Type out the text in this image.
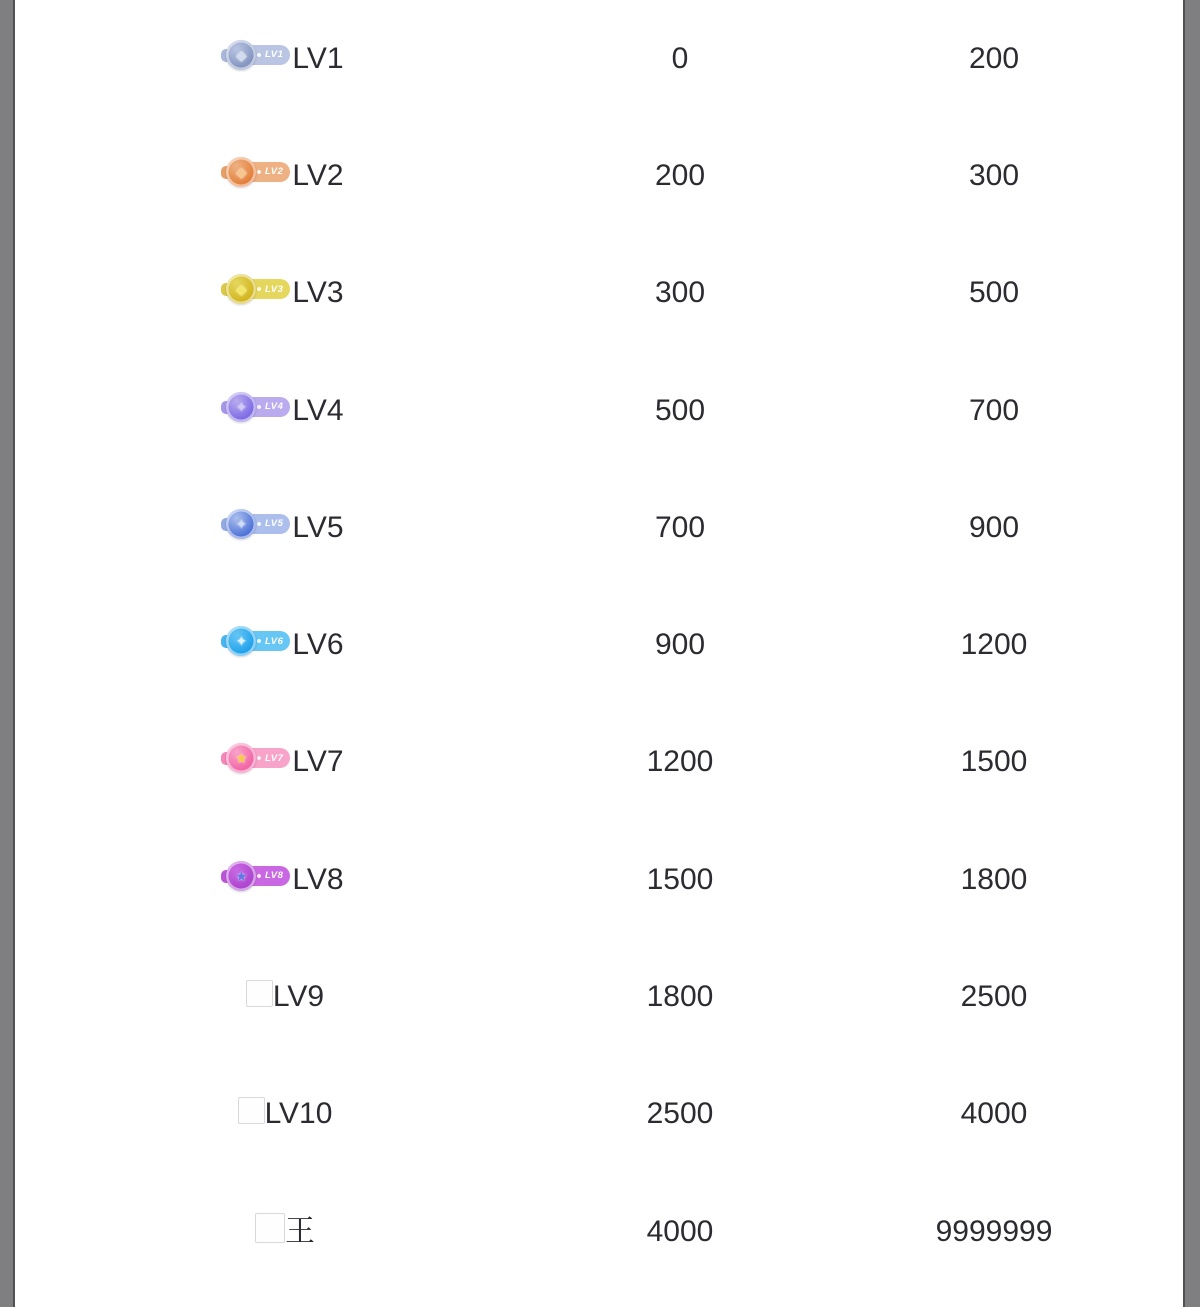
LV1
◆ LV1	0	200
LV2
◆ LV2	200	300
LV3
◆ LV3	300	500
LV4
✦ LV4	500	700
LV5
✦ LV5	700	900
LV6
✦ LV6	900	1200
LV7
★ LV7	1200	1500
LV8
★ LV8	1500	1800
LV9	1800	2500
LV10	2500	4000
王	4000	9999999
